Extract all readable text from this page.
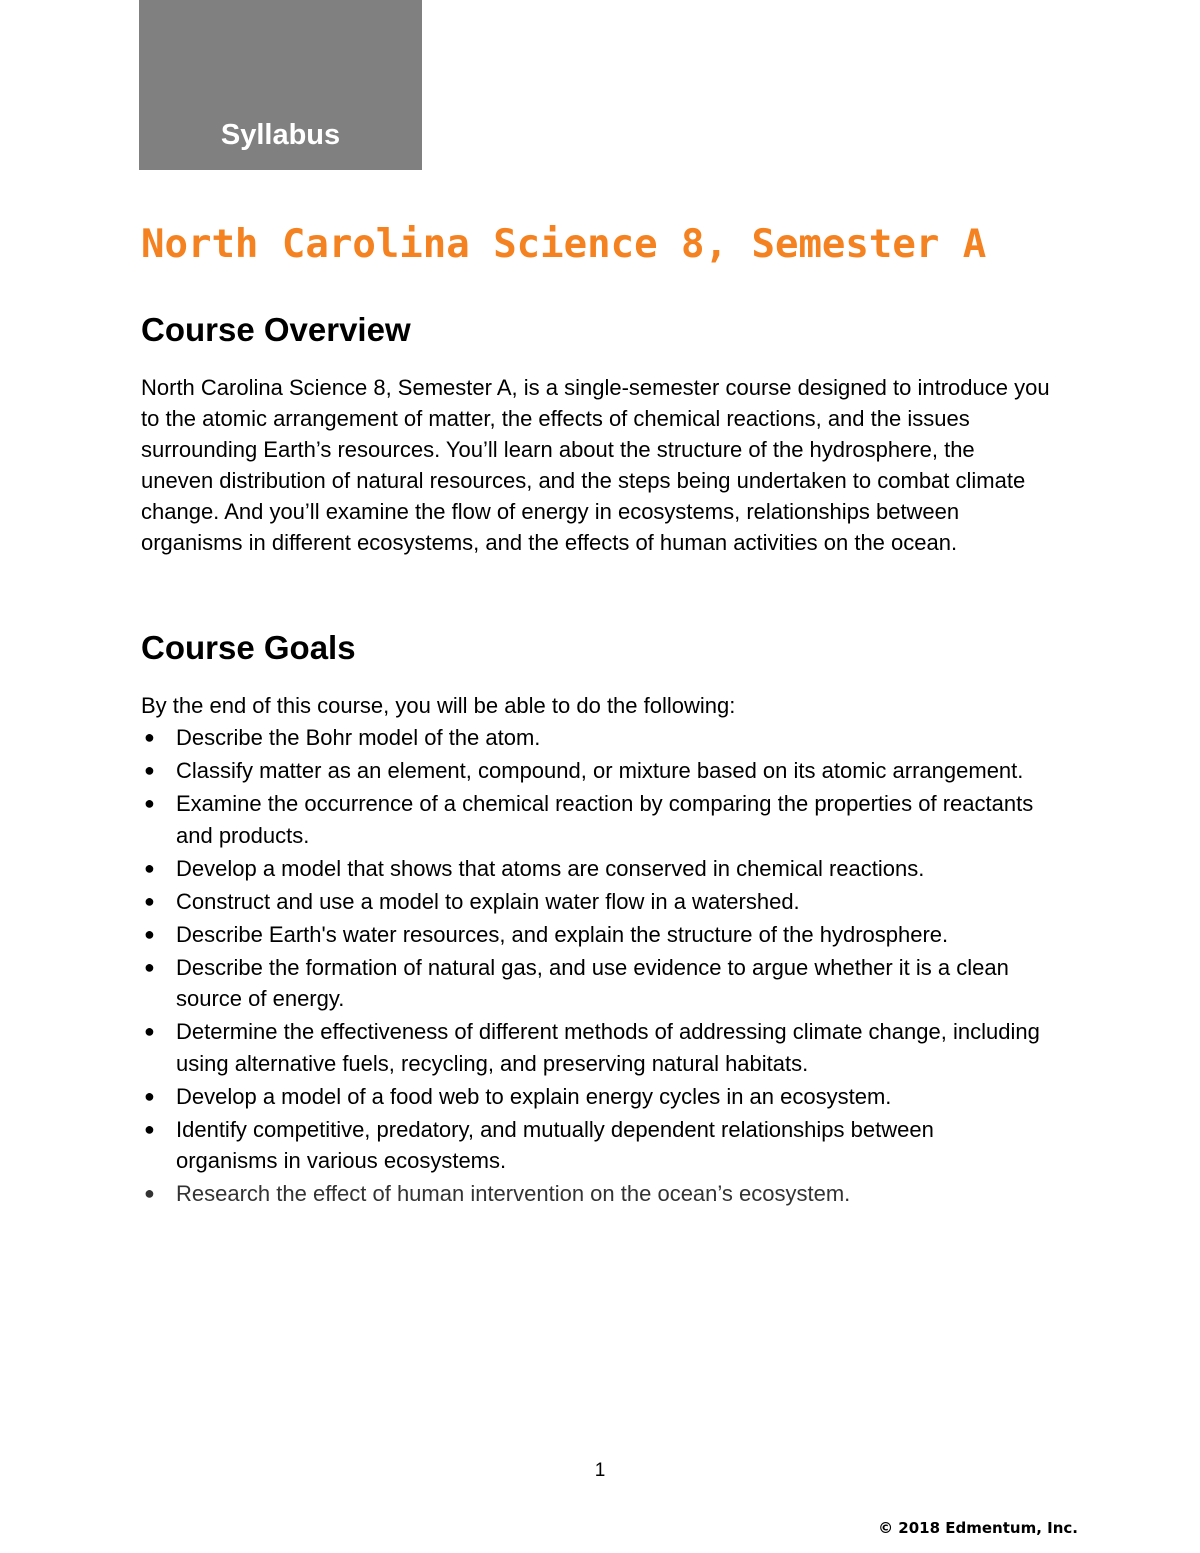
Syllabus
North Carolina Science 8, Semester A
Course Overview

North Carolina Science 8, Semester A, is a single-semester course designed to introduce you to the atomic arrangement of matter, the effects of chemical reactions, and the issues surrounding Earth’s resources. You’ll learn about the structure of the hydrosphere, the uneven distribution of natural resources, and the steps being undertaken to combat climate change. And you’ll examine the flow of energy in ecosystems, relationships between organisms in different ecosystems, and the effects of human activities on the ocean.

Course Goals

By the end of this course, you will be able to do the following:

● Describe the Bohr model of the atom.
● Classify matter as an element, compound, or mixture based on its atomic arrangement.
● Examine the occurrence of a chemical reaction by comparing the properties of reactants and products.
● Develop a model that shows that atoms are conserved in chemical reactions.
● Construct and use a model to explain water flow in a watershed.
● Describe Earth's water resources, and explain the structure of the hydrosphere.
● Describe the formation of natural gas, and use evidence to argue whether it is a clean source of energy.
● Determine the effectiveness of different methods of addressing climate change, including using alternative fuels, recycling, and preserving natural habitats.
● Develop a model of a food web to explain energy cycles in an ecosystem.
● Identify competitive, predatory, and mutually dependent relationships between organisms in various ecosystems.
● Research the effect of human intervention on the ocean’s ecosystem.
1
© 2018 Edmentum, Inc.
